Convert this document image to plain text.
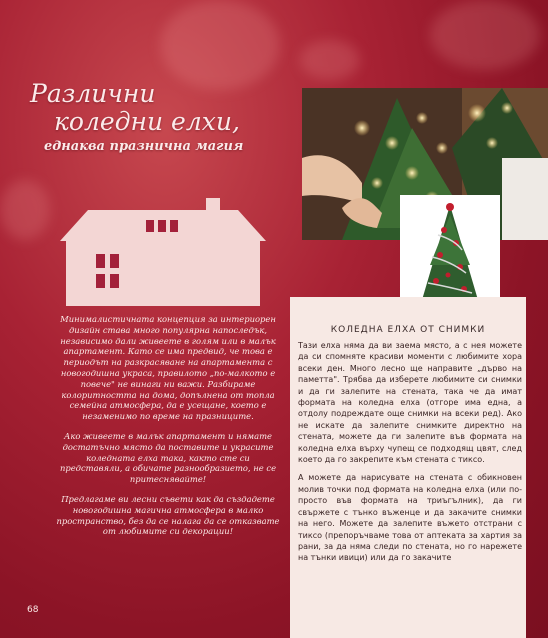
Различни
коледни елхи,
еднаква празнична магия

Минималистичната концепция за интериорен дизайн става много популярна напоследък, независимо дали живеете в голям или в малък апартамент. Като се има предвид, че това е периодът на разкрасяване на апартамента с новогодишна украса, правилото „по-малкото е повече" не винаги ни важи. Разбираме колоритността на дома, допълнена от топла семейна атмосфера, да е усещане, което е незаменимо по време на празниците.

Ако живеете в малък апартамент и нямате достатъчно място да поставите и украсите коледната елха така, както сте си представяли, а обичате разнообразието, не се притеснявайте!

Предлагаме ви лесни съвети как да създадете новогодишна магична атмосфера в малко пространство, без да се налага да се отказвате от любимите си декорации!

КОЛЕДНА ЕЛХА ОТ СНИМКИ

Тази елха няма да ви заема място, а с нея можете да си спомняте красиви моменти с любимите хора всеки ден. Много лесно ще направите „дърво на паметта". Трябва да изберете любимите си снимки и да ги залепите на стената, така че да имат формата на коледна елха (отгоре има една, а отдолу подреждате още снимки на всеки ред). Ако не искате да залепите снимките директно на стената, можете да ги залепите във формата на коледна елха върху чупещ се подходящ цвят, след което да го закрепите към стената с тиксо.

А можете да нарисувате на стената с обикновен молив точки под формата на коледна елха (или по-просто във формата на триъгълник), да ги свържете с тънко въженце и да закачите снимки на него. Можете да залепите въжето отстрани с тиксо (препоръчваме това от аптеката за хартия за рани, за да няма следи по стената, но го нарежете на тънки ивици) или да го закачите

68
